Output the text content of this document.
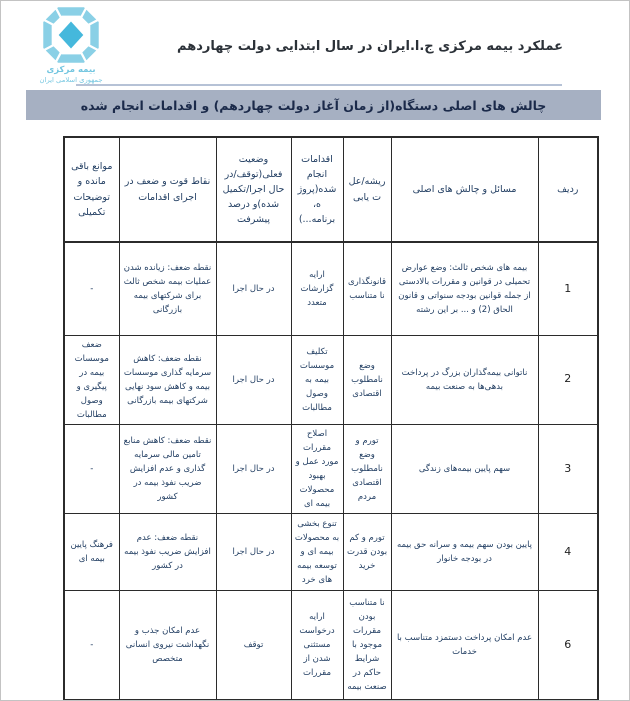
بیمه مرکزی
جمهوری اسلامی ایران
عملکرد بیمه مرکزی ج.ا.ایران در سال ابتدایی دولت چهاردهم
چالش های اصلی دستگاه(از زمان آغاز دولت چهاردهم) و اقدامات انجام شده
ردیف	مسائل و چالش های اصلی	ریشه/عل ت یابی	اقدامات انجام شده(پروژ ه، برنامه...)	وضعیت فعلی(توقف/در حال اجرا/تکمیل شده)و درصد پیشرفت	نقاط قوت و ضعف در اجرای اقدامات	موانع باقی مانده و توضیحات تکمیلی
1	بیمه های شخص ثالث: وضع عوارض تحمیلی در قوانین و مقررات بالادستی از جمله قوانین بودجه سنواتی و قانون الحاق (2) و ... بر این رشته	قانونگذاری نا متناسب	ارایه گزارشات متعدد	در حال اجرا	نقطه ضعف: زیانده شدن عملیات بیمه شخص ثالث برای شرکتهای بیمه بازرگانی	-
2	ناتوانی بیمه‌گذاران بزرگ در پرداخت بدهی‌ها به صنعت بیمه	وضع نامطلوب اقتصادی	تکلیف موسسات بیمه به وصول مطالبات	در حال اجرا	نقطه ضعف: کاهش سرمایه گذاری موسسات بیمه و کاهش سود نهایی شرکتهای بیمه بازرگانی	ضعف موسسات بیمه در پیگیری و وصول مطالبات
3	سهم پایین بیمه‌های زندگی	تورم و وضع نامطلوب اقتصادی مردم	اصلاح مقررات مورد عمل و بهبود محصولات بیمه ای	در حال اجرا	نقطه ضعف: کاهش منابع تامین مالی سرمایه گذاری و عدم افزایش ضریب نفوذ بیمه در کشور	-
4	پایین بودن سهم بیمه و سرانه حق بیمه در بودجه خانوار	تورم و کم بودن قدرت خرید	تنوع بخشی به محصولات بیمه ای و توسعه بیمه های خرد	در حال اجرا	نقطه ضعف: عدم افزایش ضریب نفوذ بیمه در کشور	فرهنگ پایین بیمه ای
6	عدم امکان پرداخت دستمزد متناسب با خدمات	نا متناسب بودن مقررات موجود با شرایط حاکم در صنعت بیمه	ارایه درخواست مستثنی شدن از مقررات	توقف	عدم امکان جذب و نگهداشت نیروی انسانی متخصص	-
